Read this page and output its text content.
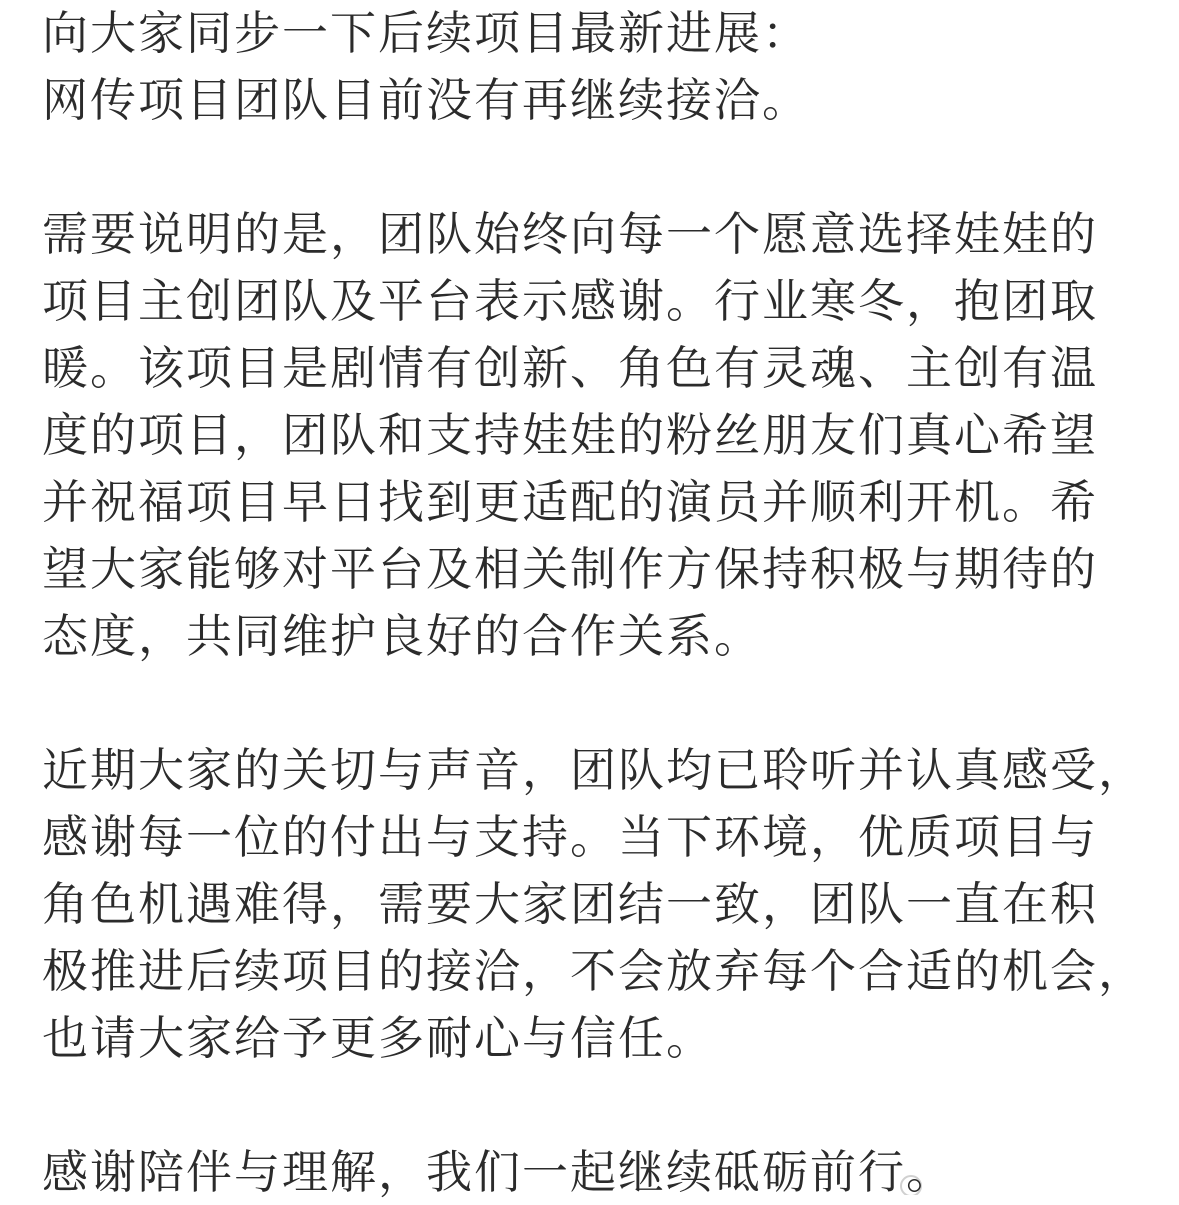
向大家同步一下后续项目最新进展：
网传项目团队目前没有再继续接洽。
需要说明的是，团队始终向每一个愿意选择娃娃的
项目主创团队及平台表示感谢。行业寒冬，抱团取
暖。该项目是剧情有创新、角色有灵魂、主创有温
度的项目，团队和支持娃娃的粉丝朋友们真心希望
并祝福项目早日找到更适配的演员并顺利开机。希
望大家能够对平台及相关制作方保持积极与期待的
态度，共同维护良好的合作关系。
近期大家的关切与声音，团队均已聆听并认真感受，
感谢每一位的付出与支持。当下环境，优质项目与
角色机遇难得，需要大家团结一致，团队一直在积
极推进后续项目的接洽，不会放弃每个合适的机会，
也请大家给予更多耐心与信任。
感谢陪伴与理解，我们一起继续砥砺前行。
